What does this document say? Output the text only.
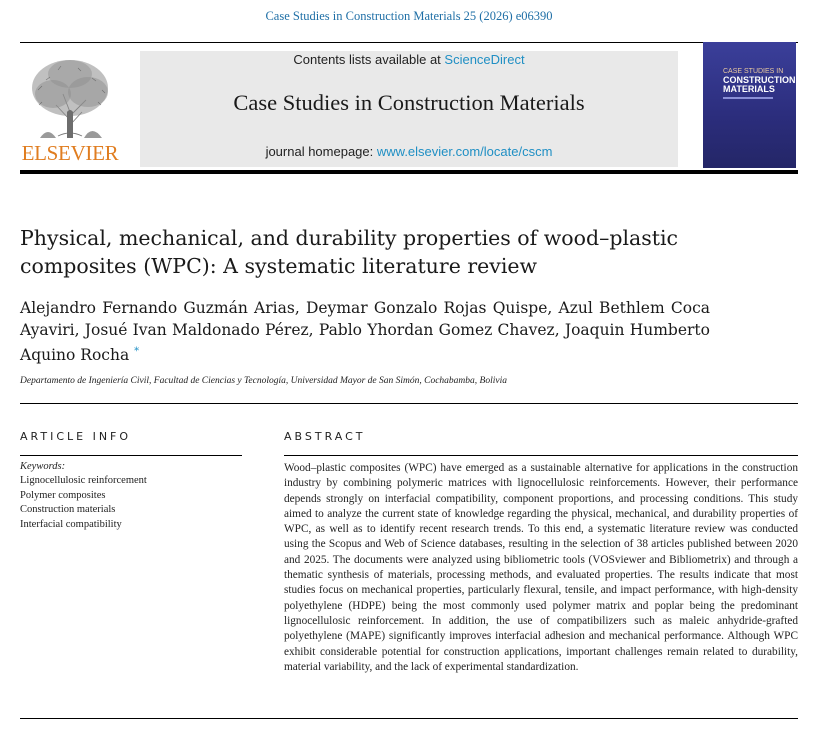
Case Studies in Construction Materials 25 (2026) e06390
ELSEVIER
Contents lists available at ScienceDirect
Case Studies in Construction Materials
journal homepage: www.elsevier.com/locate/cscm
CASE STUDIES IN
CONSTRUCTION MATERIALS
Physical, mechanical, and durability properties of wood–plastic composites (WPC): A systematic literature review
Alejandro Fernando Guzmán Arias, Deymar Gonzalo Rojas Quispe, Azul Bethlem Coca Ayaviri, Josué Ivan Maldonado Pérez, Pablo Yhordan Gomez Chavez, Joaquin Humberto Aquino Rocha *
Departamento de Ingeniería Civil, Facultad de Ciencias y Tecnología, Universidad Mayor de San Simón, Cochabamba, Bolivia
ARTICLE INFO
Keywords:
Lignocellulosic reinforcement
Polymer composites
Construction materials
Interfacial compatibility
ABSTRACT
Wood–plastic composites (WPC) have emerged as a sustainable alternative for applications in the construction industry by combining polymeric matrices with lignocellulosic reinforcements. However, their performance depends strongly on interfacial compatibility, component proportions, and processing conditions. This study aimed to analyze the current state of knowledge regarding the physical, mechanical, and durability properties of WPC, as well as to identify recent research trends. To this end, a systematic literature review was conducted using the Scopus and Web of Science databases, resulting in the selection of 38 articles published between 2020 and 2025. The documents were analyzed using bibliometric tools (VOSviewer and Bibliometrix) and through a thematic synthesis of materials, processing methods, and evaluated properties. The results indicate that most studies focus on mechanical properties, particularly flexural, tensile, and impact performance, with high-density polyethylene (HDPE) being the most commonly used polymer matrix and poplar being the predominant lignocellulosic reinforcement. In addition, the use of compatibilizers such as maleic anhydride-grafted polyethylene (MAPE) significantly improves interfacial adhesion and mechanical performance. Although WPC exhibit considerable potential for construction applications, important challenges remain related to durability, material variability, and the lack of experimental standardization.
